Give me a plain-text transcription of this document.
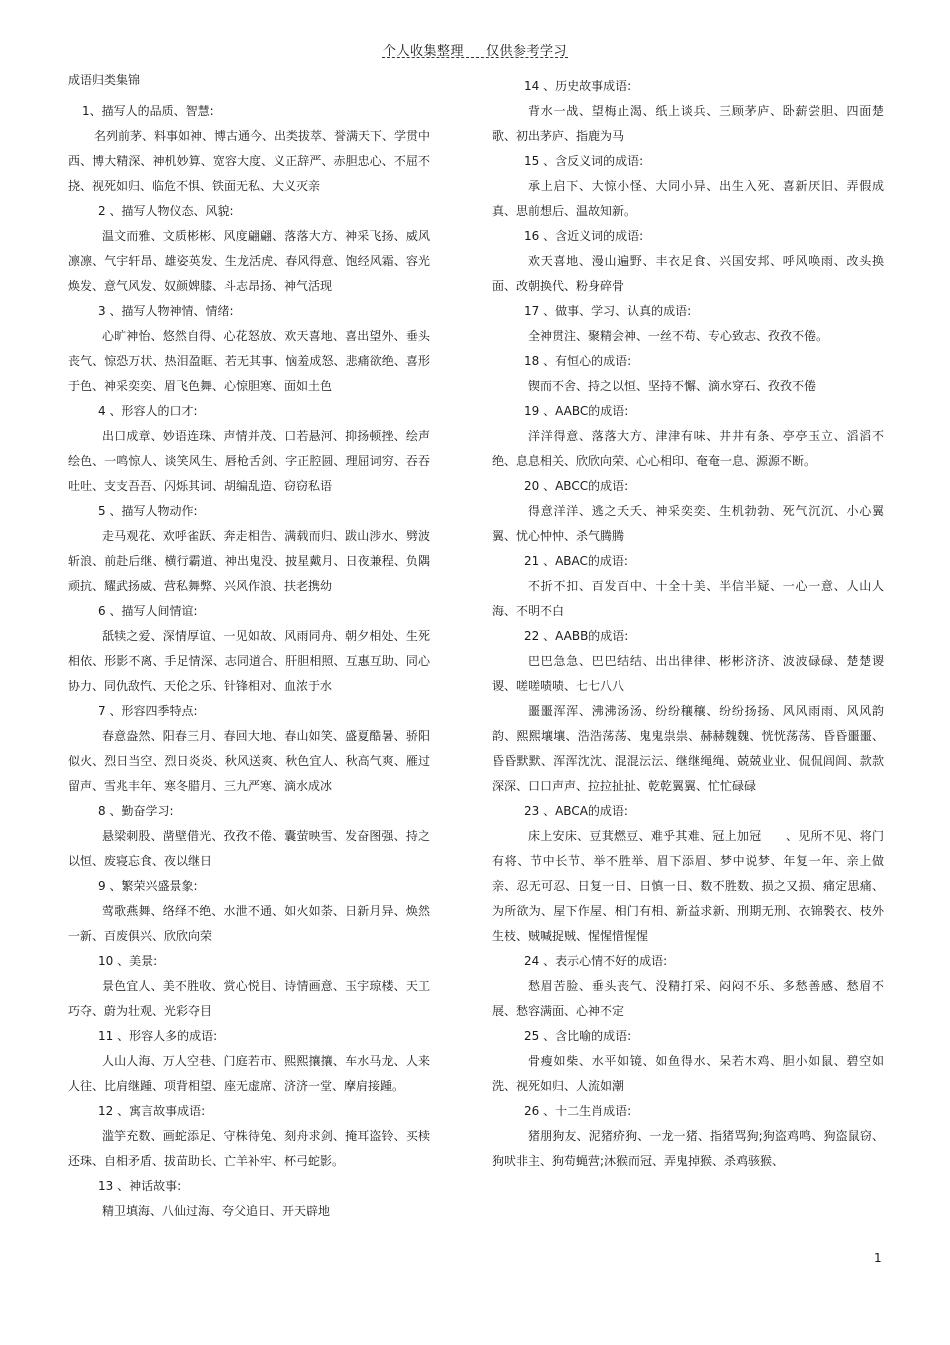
个人收集整理 仅供参考学习
成语归类集锦
1、描写人的品质、智慧:
名列前茅、料事如神、博古通今、出类拔萃、誉满天下、学贯中西、博大精深、神机妙算、宽容大度、义正辞严、赤胆忠心、不屈不挠、视死如归、临危不惧、铁面无私、大义灭亲
2 、描写人物仪态、风貌:
温文而雅、文质彬彬、风度翩翩、落落大方、神采飞扬、威风凛凛、气宇轩昂、雄姿英发、生龙活虎、春风得意、饱经风霜、容光焕发、意气风发、奴颜婢膝、斗志昂扬、神气活现
3 、描写人物神情、情绪:
心旷神怡、悠然自得、心花怒放、欢天喜地、喜出望外、垂头丧气、惊恐万状、热泪盈眶、若无其事、恼羞成怒、悲痛欲绝、喜形于色、神采奕奕、眉飞色舞、心惊胆寒、面如土色
4 、形容人的口才:
出口成章、妙语连珠、声情并茂、口若悬河、抑扬顿挫、绘声绘色、一鸣惊人、谈笑风生、唇枪舌剑、字正腔圆、理屈词穷、吞吞吐吐、支支吾吾、闪烁其词、胡编乱造、窃窃私语
5 、描写人物动作:
走马观花、欢呼雀跃、奔走相告、满载而归、跋山涉水、劈波斩浪、前赴后继、横行霸道、神出鬼没、披星戴月、日夜兼程、负隅顽抗、耀武扬威、营私舞弊、兴风作浪、扶老携幼
6 、描写人间情谊:
舐犊之爱、深情厚谊、一见如故、风雨同舟、朝夕相处、生死相依、形影不离、手足情深、志同道合、肝胆相照、互惠互助、同心协力、同仇敌忾、天伦之乐、针锋相对、血浓于水
7 、形容四季特点:
春意盎然、阳春三月、春回大地、春山如笑、盛夏酷暑、骄阳似火、烈日当空、烈日炎炎、秋风送爽、秋色宜人、秋高气爽、雁过留声、雪兆丰年、寒冬腊月、三九严寒、滴水成冰
8 、勤奋学习:
悬梁刺股、凿壁借光、孜孜不倦、囊萤映雪、发奋图强、持之以恒、废寝忘食、夜以继日
9 、繁荣兴盛景象:
莺歌燕舞、络绎不绝、水泄不通、如火如荼、日新月异、焕然一新、百废俱兴、欣欣向荣
10 、美景:
景色宜人、美不胜收、赏心悦目、诗情画意、玉宇琼楼、天工巧夺、蔚为壮观、光彩夺目
11 、形容人多的成语:
人山人海、万人空巷、门庭若市、熙熙攘攘、车水马龙、人来人往、比肩继踵、项背相望、座无虚席、济济一堂、摩肩接踵。
12 、寓言故事成语:
滥竽充数、画蛇添足、守株待兔、刻舟求剑、掩耳盗铃、买椟还珠、自相矛盾、拔苗助长、亡羊补牢、杯弓蛇影。
13 、神话故事:
精卫填海、八仙过海、夸父追日、开天辟地
14 、历史故事成语:
背水一战、望梅止渴、纸上谈兵、三顾茅庐、卧薪尝胆、四面楚歌、初出茅庐、指鹿为马
15 、含反义词的成语:
承上启下、大惊小怪、大同小异、出生入死、喜新厌旧、弄假成真、思前想后、温故知新。
16 、含近义词的成语:
欢天喜地、漫山遍野、丰衣足食、兴国安邦、呼风唤雨、改头换面、改朝换代、粉身碎骨
17 、做事、学习、认真的成语:
全神贯注、聚精会神、一丝不苟、专心致志、孜孜不倦。
18 、有恒心的成语:
锲而不舍、持之以恒、坚持不懈、滴水穿石、孜孜不倦
19 、AABC的成语:
洋洋得意、落落大方、津津有味、井井有条、亭亭玉立、滔滔不绝、息息相关、欣欣向荣、心心相印、奄奄一息、源源不断。
20 、ABCC的成语:
得意洋洋、逃之夭夭、神采奕奕、生机勃勃、死气沉沉、小心翼翼、忧心忡忡、杀气腾腾
21 、ABAC的成语:
不折不扣、百发百中、十全十美、半信半疑、一心一意、人山人海、不明不白
22 、AABB的成语:
巴巴急急、巴巴结结、出出律律、彬彬济济、波波碌碌、楚楚谡谡、嗟嗟啧啧、七七八八
噩噩浑浑、沸沸汤汤、纷纷穰穰、纷纷扬扬、风风雨雨、风风韵韵、熙熙壤壤、浩浩荡荡、鬼鬼祟祟、赫赫魏魏、恍恍荡荡、昏昏噩噩、昏昏默默、浑浑沈沈、混混沄沄、继继绳绳、兢兢业业、侃侃闾闾、款款深深、口口声声、拉拉扯扯、乾乾翼翼、忙忙碌碌
23 、ABCA的成语:
床上安床、豆萁燃豆、难乎其难、冠上加冠　　、见所不见、将门有将、节中长节、举不胜举、眉下添眉、梦中说梦、年复一年、亲上做亲、忍无可忍、日复一日、日慎一日、数不胜数、损之又损、痛定思痛、为所欲为、屋下作屋、相门有相、新益求新、刑期无刑、衣锦褧衣、枝外生枝、贼喊捉贼、惺惺惜惺惺
24 、表示心情不好的成语:
愁眉苦脸、垂头丧气、没精打采、闷闷不乐、多愁善感、愁眉不展、愁容满面、心神不定
25 、含比喻的成语:
骨瘦如柴、水平如镜、如鱼得水、呆若木鸡、胆小如鼠、碧空如洗、视死如归、人流如潮
26 、十二生肖成语:
猪朋狗友、泥猪疥狗、一龙一猪、指猪骂狗;狗盗鸡鸣、狗盗鼠窃、狗吠非主、狗苟蝇营;沐猴而冠、弄鬼掉猴、杀鸡骇猴、
1
